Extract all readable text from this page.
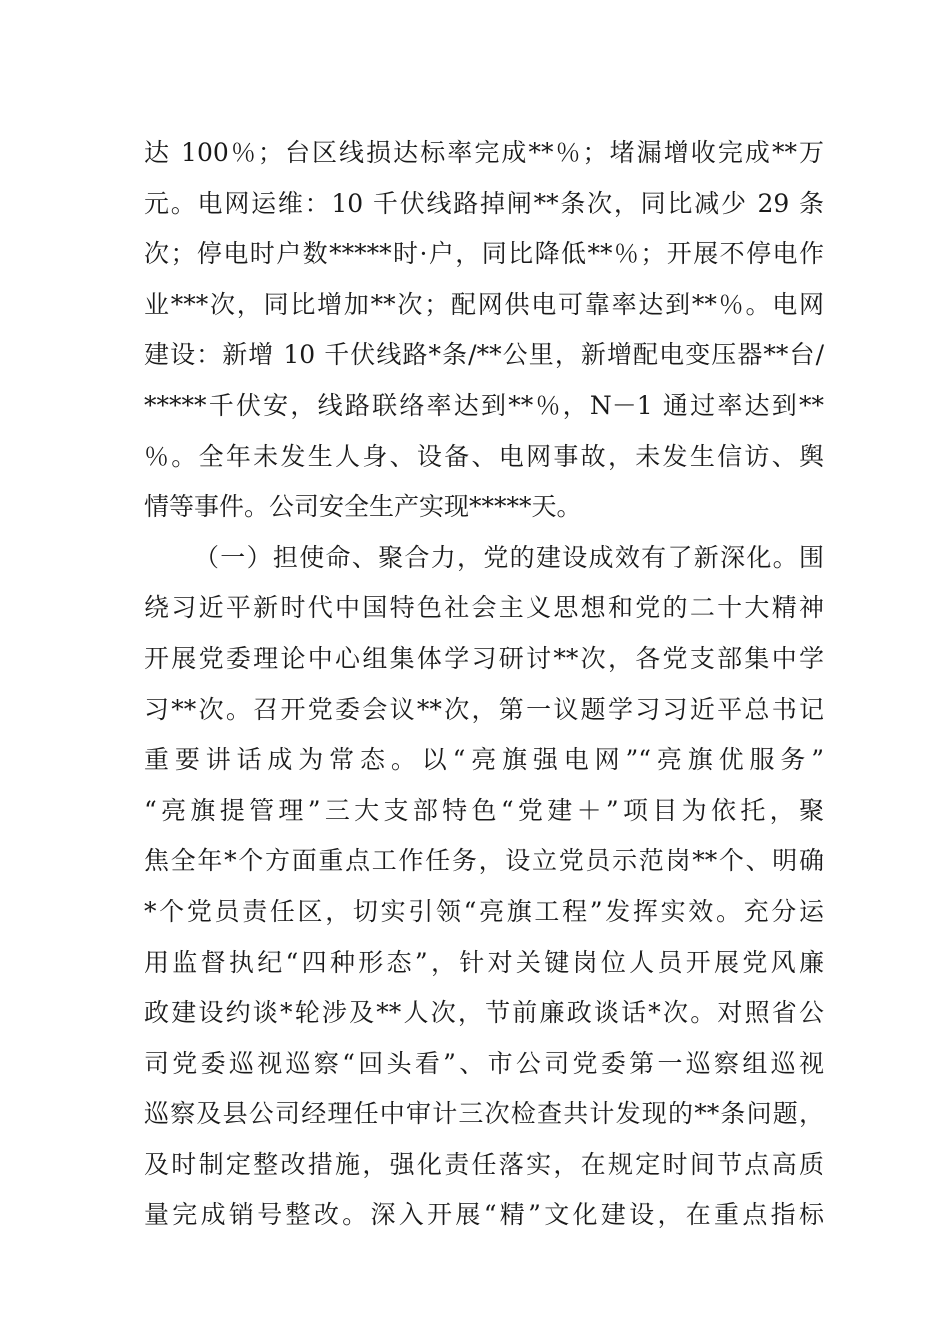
达 100％；台区线损达标率完成**％；堵漏增收完成**万
元。电网运维：10 千伏线路掉闸**条次，同比减少 29 条
次；停电时户数*****时·户，同比降低**％；开展不停电作
业***次，同比增加**次；配网供电可靠率达到**％。电网
建设：新增 10 千伏线路*条/**公里，新增配电变压器**台/
*****千伏安，线路联络率达到**％，N－1 通过率达到**
％。全年未发生人身、设备、电网事故，未发生信访、舆
情等事件。公司安全生产实现*****天。
（一）担使命、聚合力，党的建设成效有了新深化。围
绕习近平新时代中国特色社会主义思想和党的二十大精神
开展党委理论中心组集体学习研讨**次，各党支部集中学
习**次。召开党委会议**次，第一议题学习习近平总书记
重要讲话成为常态。以“亮旗强电网”“亮旗优服务”
“亮旗提管理”三大支部特色“党建＋”项目为依托，聚
焦全年*个方面重点工作任务，设立党员示范岗**个、明确
*个党员责任区，切实引领“亮旗工程”发挥实效。充分运
用监督执纪“四种形态”，针对关键岗位人员开展党风廉
政建设约谈*轮涉及**人次，节前廉政谈话*次。对照省公
司党委巡视巡察“回头看”、市公司党委第一巡察组巡视
巡察及县公司经理任中审计三次检查共计发现的**条问题，
及时制定整改措施，强化责任落实，在规定时间节点高质
量完成销号整改。深入开展“精”文化建设，在重点指标
